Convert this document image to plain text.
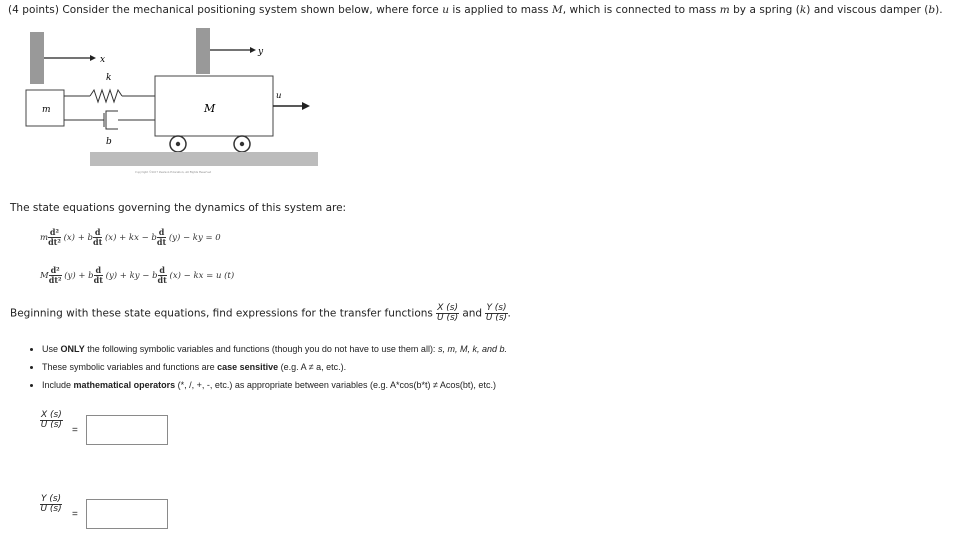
(4 points) Consider the mechanical positioning system shown below, where force u is applied to mass M, which is connected to mass m by a spring (k) and viscous damper (b).
x
m
k
b
y
M
u
Copyright ©2017 Pearson Education, All Rights Reserved
The state equations governing the dynamics of this system are:
m $\frac{\text{d²}}{\text{dt²}} (x) + b \frac{d}{dt} (x)$ + kx − b $\frac{d}{dt} (y)$ − ky = 0
M $\frac{\text{d²}}{\text{dt²}} (y) + b \frac{d}{dt} (y)$ + ky − b $\frac{d}{dt} (x)$ − kx = u (t)
Beginning with these state equations, find expressions for the transfer functions $\frac{X (s)}{U (s)}$ and $\frac{Y (s)}{U (s)}$ .
• Use ONLY the following symbolic variables and functions (though you do not have to use them all): s, m, M, k, and b.
• These symbolic variables and functions are case sensitive (e.g. A ≠ a, etc.).
• Include mathematical operators (*, /, +, -, etc.) as appropriate between variables (e.g. A*cos(b*t) ≠ Acos(bt), etc.)
$\frac{X (s)}{U (s)}$
=
$\frac{Y (s)}{U (s)}$
=
